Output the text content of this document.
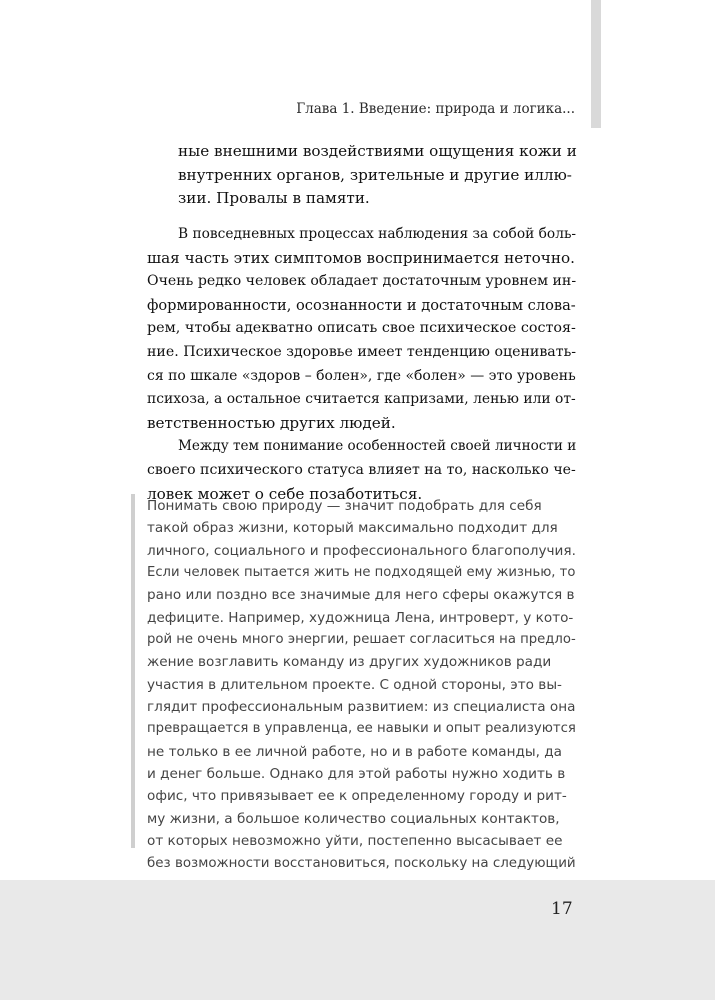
Глава 1. Введение: природа и логика...
ные внешними воздействиями ощущения кожи и
внутренних органов, зрительные и другие иллю-
зии. Провалы в памяти.
В повседневных процессах наблюдения за собой боль-
шая часть этих симптомов воспринимается неточно.
Очень редко человек обладает достаточным уровнем ин-
формированности, осознанности и достаточным слова-
рем, чтобы адекватно описать свое психическое состоя-
ние. Психическое здоровье имеет тенденцию оценивать-
ся по шкале «здоров – болен», где «болен» — это уровень
психоза, а остальное считается капризами, ленью или от-
ветственностью других людей.
Между тем понимание особенностей своей личности и
своего психического статуса влияет на то, насколько че-
ловек может о себе позаботиться.
Понимать свою природу — значит подобрать для себя
такой образ жизни, который максимально подходит для
личного, социального и профессионального благополучия.
Если человек пытается жить не подходящей ему жизнью, то
рано или поздно все значимые для него сферы окажутся в
дефиците. Например, художница Лена, интроверт, у кото-
рой не очень много энергии, решает согласиться на предло-
жение возглавить команду из других художников ради
участия в длительном проекте. С одной стороны, это вы-
глядит профессиональным развитием: из специалиста она
превращается в управленца, ее навыки и опыт реализуются
не только в ее личной работе, но и в работе команды, да
и денег больше. Однако для этой работы нужно ходить в
офис, что привязывает ее к определенному городу и рит-
му жизни, а большое количество социальных контактов,
от которых невозможно уйти, постепенно высасывает ее
без возможности восстановиться, поскольку на следующий
17
